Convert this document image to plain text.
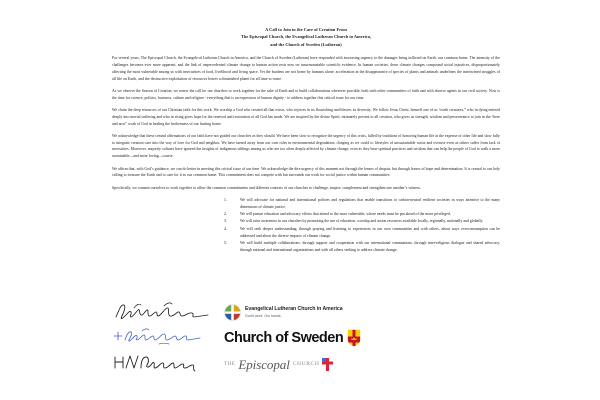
A Call to Join in the Care of Creation From
The Episcopal Church, the Evangelical Lutheran Church in America,
and the Church of Sweden (Lutheran)

For several years, The Episcopal Church, the Evangelical Lutheran Church in America, and the Church of Sweden (Lutheran) have responded with increasing urgency to the damages being inflicted on Earth, our common home. The intensity of the challenges becomes ever more apparent, and the link of unprecedented climate change to human action rests now on insurmountable scientific evidence. In human societies, these climate changes compound social injustices, disproportionately affecting the most vulnerable among us with insecurities of food, livelihood and living space. Yet the burdens are not borne by humans alone: acceleration in the disappearance of species of plants and animals underlines the intertwined struggles of all life on Earth, and the destructive exploitation of resources leaves a diminished planet for all time to come.

As we observe the Season of Creation, we renew the call for our churches to work together for the sake of Earth and to build collaborations wherever possible, both with other communities of faith and with diverse agents in our civil society. Now is the time for science, politics, business, culture and religion - everything that is an expression of human dignity - to address together this critical issue for our time.

We claim the deep resources of our Christian faith for this work. We worship a God who created all that exists, who rejoices in its flourishing and blesses its diversity. We follow Jesus Christ, himself one of us “earth creatures,” who in dying entered deeply into mortal suffering and who in rising gives hope for the renewal and restoration of all God has made. We are inspired by the divine Spirit, intimately present to all creation, who gives us strength, wisdom and perseverance to join in the “here and now” work of God in healing the brokenness of our hurting home.

We acknowledge that these central affirmations of our faith have not guided our churches as they should. We have been slow to recognize the urgency of this crisis, lulled by traditions of honoring human life at the expense of other life and slow fully to integrate creation care into the way of love for God and neighbor. We have turned away from our own roles in environmental degradation, clinging as we could to lifestyles of unsustainable waste and overuse even as others suffer from lack of necessities. Moreover, majority cultures have ignored the insights of indigenous siblings among us who are too often deeply affected by climate change, even as they bear spiritual practices and wisdom that can help the people of God to walk a more sustainable—and more loving—course.

We affirm that, with God’s guidance, we can do better in meeting this critical issue of our time. We acknowledge the dire urgency of this moment not through the lenses of despair, but through lenses of hope and determination. It is central to our holy calling to treasure the Earth and to care for it as our common home. This commitment does not compete with but surrounds our work for social justice within human communities.

Specifically, we commit ourselves to work together to allow the common commitments and different contexts of our churches to challenge, inspire, complement and strengthen one another’s witness.

We will advocate for national and international policies and regulations that enable transitions to carbon-neutral resilient societies in ways attentive to the many dimensions of climate justice.
We will pursue education and advocacy efforts that attend to the most vulnerable, whose needs must be put ahead of the more privileged.
We will raise awareness in our churches by promoting the use of education, worship and action resources available locally, regionally, nationally and globally.
We will seek deeper understanding, through praying and listening to experiences in our own communities and with others, about ways overconsumption can be addressed and about the diverse impacts of climate change.
We will build multiple collaborations: through support and cooperation with our international communions, through inter-religious dialogue and shared advocacy, through national and international organizations and with all others seeking to address climate change.
Evangelical Lutheran Church in America
God's work. Our hands.
Church of Sweden
THE Episcopal CHURCH
